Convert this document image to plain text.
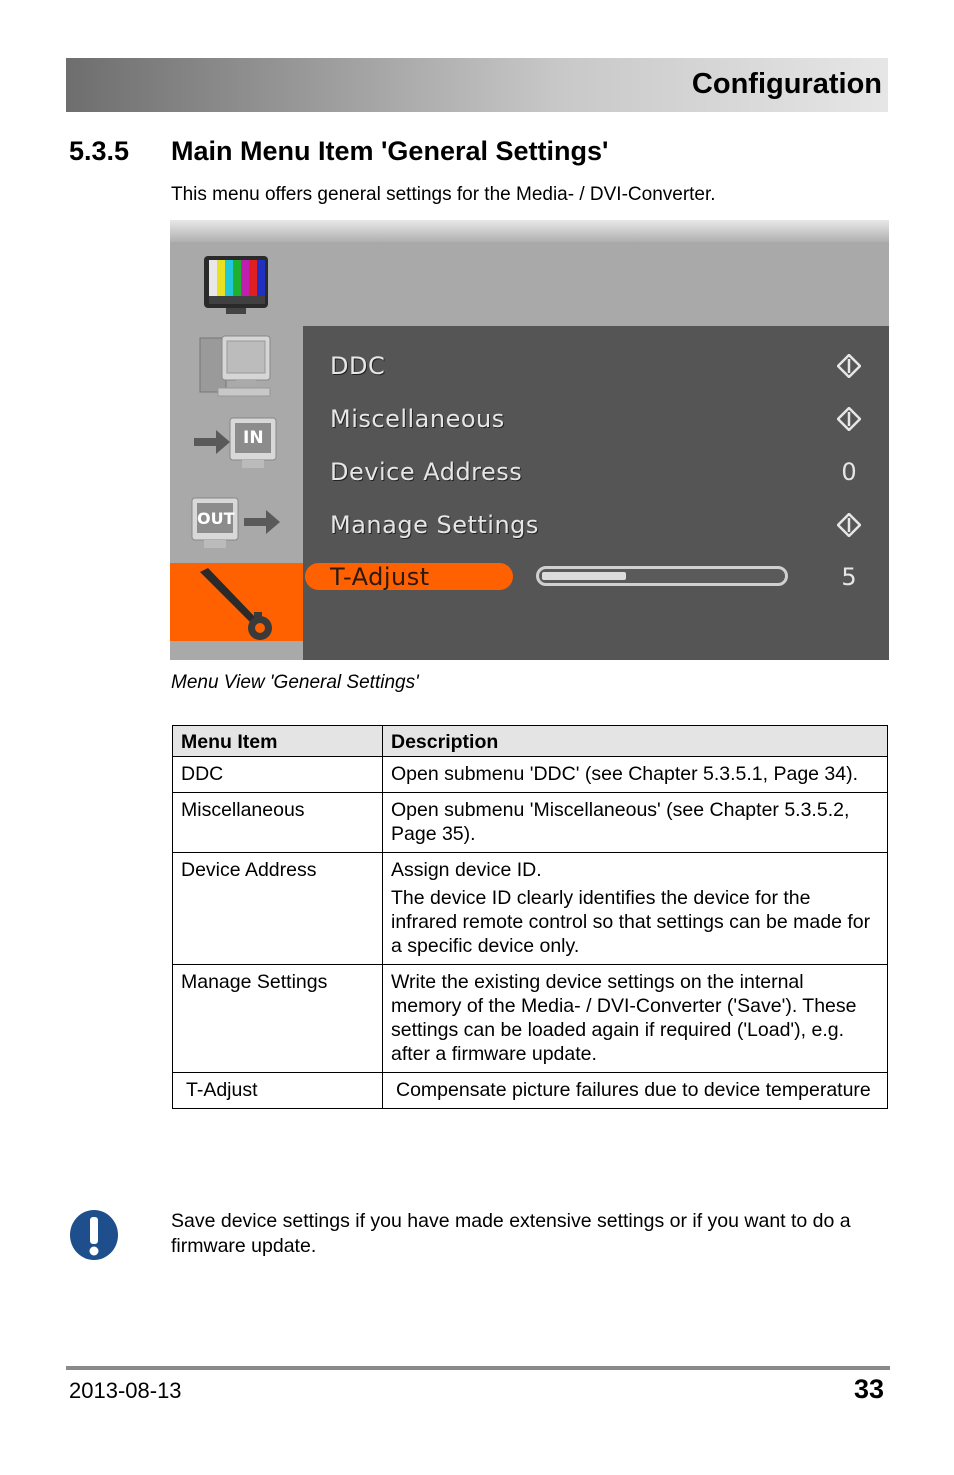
Configuration
5.3.5 Main Menu Item 'General Settings'
This menu offers general settings for the Media- / DVI-Converter.
IN
OUT
DDC
Miscellaneous
Device Address
Manage Settings
T-Adjust
0
5
Menu View 'General Settings'
Menu Item	Description
DDC	Open submenu 'DDC' (see Chapter 5.3.5.1, Page 34).

Miscellaneous	Open submenu 'Miscellaneous' (see Chapter 5.3.5.2, Page 35).

Device Address	Assign device ID.

The device ID clearly identifies the device for the infrared remote control so that settings can be made for a specific device only.

Manage Settings	Write the existing device settings on the internal memory of the Media- / DVI-Converter ('Save'). These settings can be loaded again if required ('Load'), e.g. after a firmware update.

T-Adjust	Compensate picture failures due to device temperature

Save device settings if you have made extensive settings or if you want to do a firmware update.
2013-08-13	33
